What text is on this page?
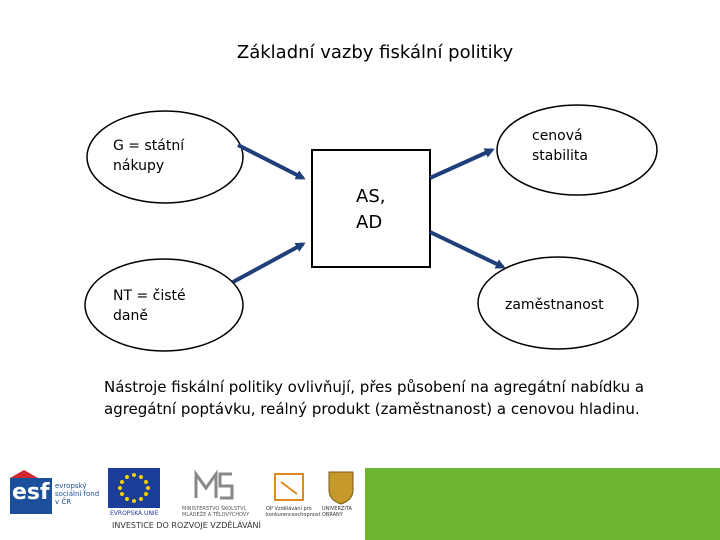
Základní vazby fiskální politiky
G = státní nákupy
NT = čisté daně
cenová stabilita
zaměstnanost
AS,
AD
Nástroje fiskální politiky ovlivňují, přes působení na agregátní nabídku a agregátní poptávku, reálný produkt (zaměstnanost) a cenovou hladinu.
esf evropský sociální fond v ČR
EVROPSKÁ UNIE
MINISTERSTVO ŠKOLSTVÍ, MLÁDEŽE A TĚLOVÝCHOVY
OP Vzdělávání pro konkurenceschopnost
UNIVERZITA OBRANY
INVESTICE DO ROZVOJE VZDĚLÁVÁNÍ
